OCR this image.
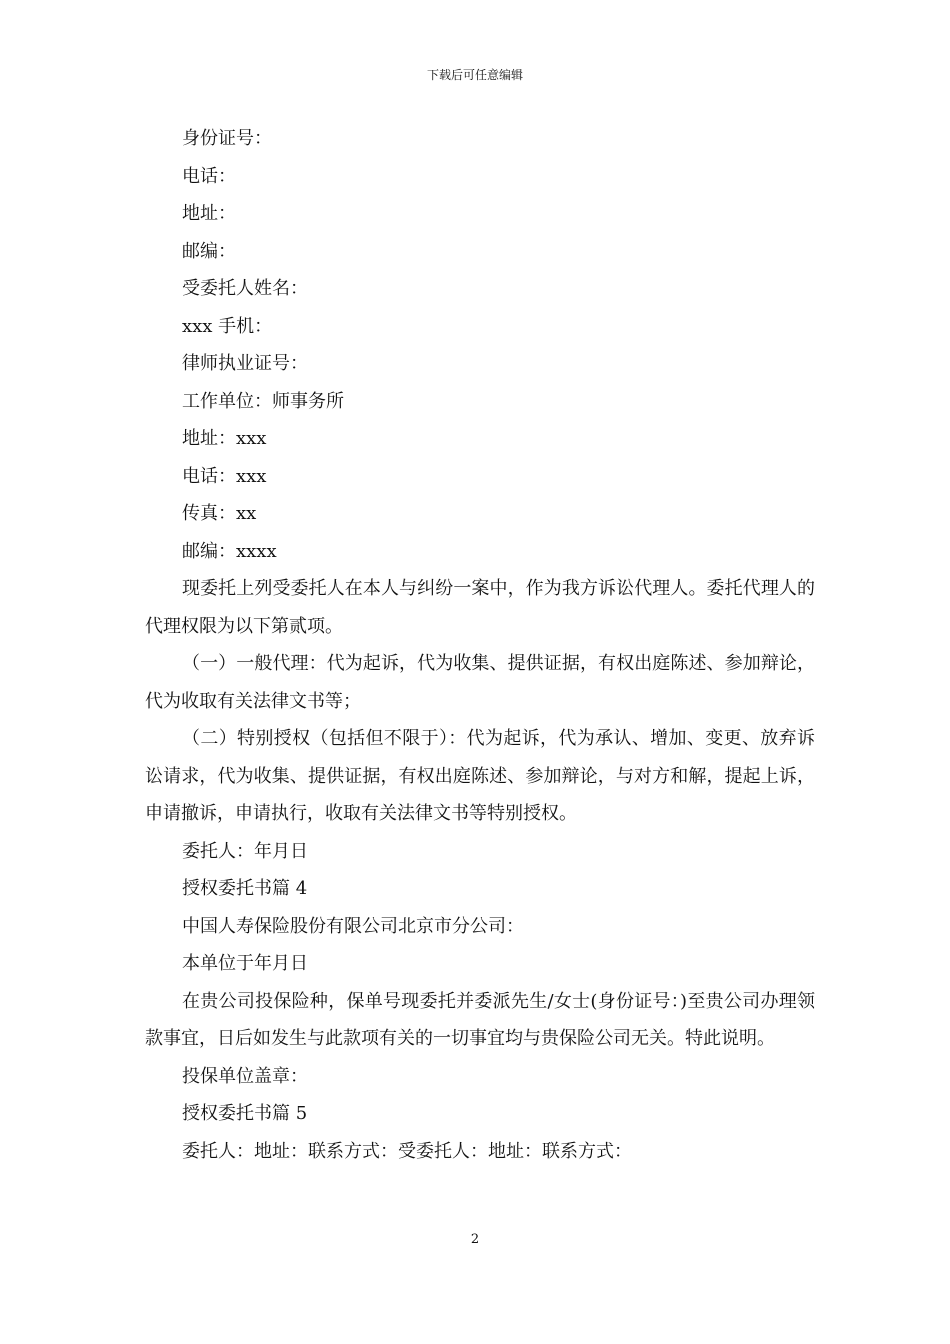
下载后可任意编辑
身份证号：
电话：
地址：
邮编：
受委托人姓名：
xxx 手机：
律师执业证号：
工作单位：师事务所
地址：xxx
电话：xxx
传真：xx
邮编：xxxx
现委托上列受委托人在本人与纠纷一案中，作为我方诉讼代理人。委托代理人的代理权限为以下第贰项。
（一）一般代理：代为起诉，代为收集、提供证据，有权出庭陈述、参加辩论，代为收取有关法律文书等；
（二）特别授权（包括但不限于）：代为起诉，代为承认、增加、变更、放弃诉讼请求，代为收集、提供证据，有权出庭陈述、参加辩论，与对方和解，提起上诉，申请撤诉，申请执行，收取有关法律文书等特别授权。
委托人：年月日
授权委托书篇 4
中国人寿保险股份有限公司北京市分公司：
本单位于年月日
在贵公司投保险种，保单号现委托并委派先生/女士(身份证号：)至贵公司办理领款事宜，日后如发生与此款项有关的一切事宜均与贵保险公司无关。特此说明。
投保单位盖章：
授权委托书篇 5
委托人：地址：联系方式：受委托人：地址：联系方式：
2
